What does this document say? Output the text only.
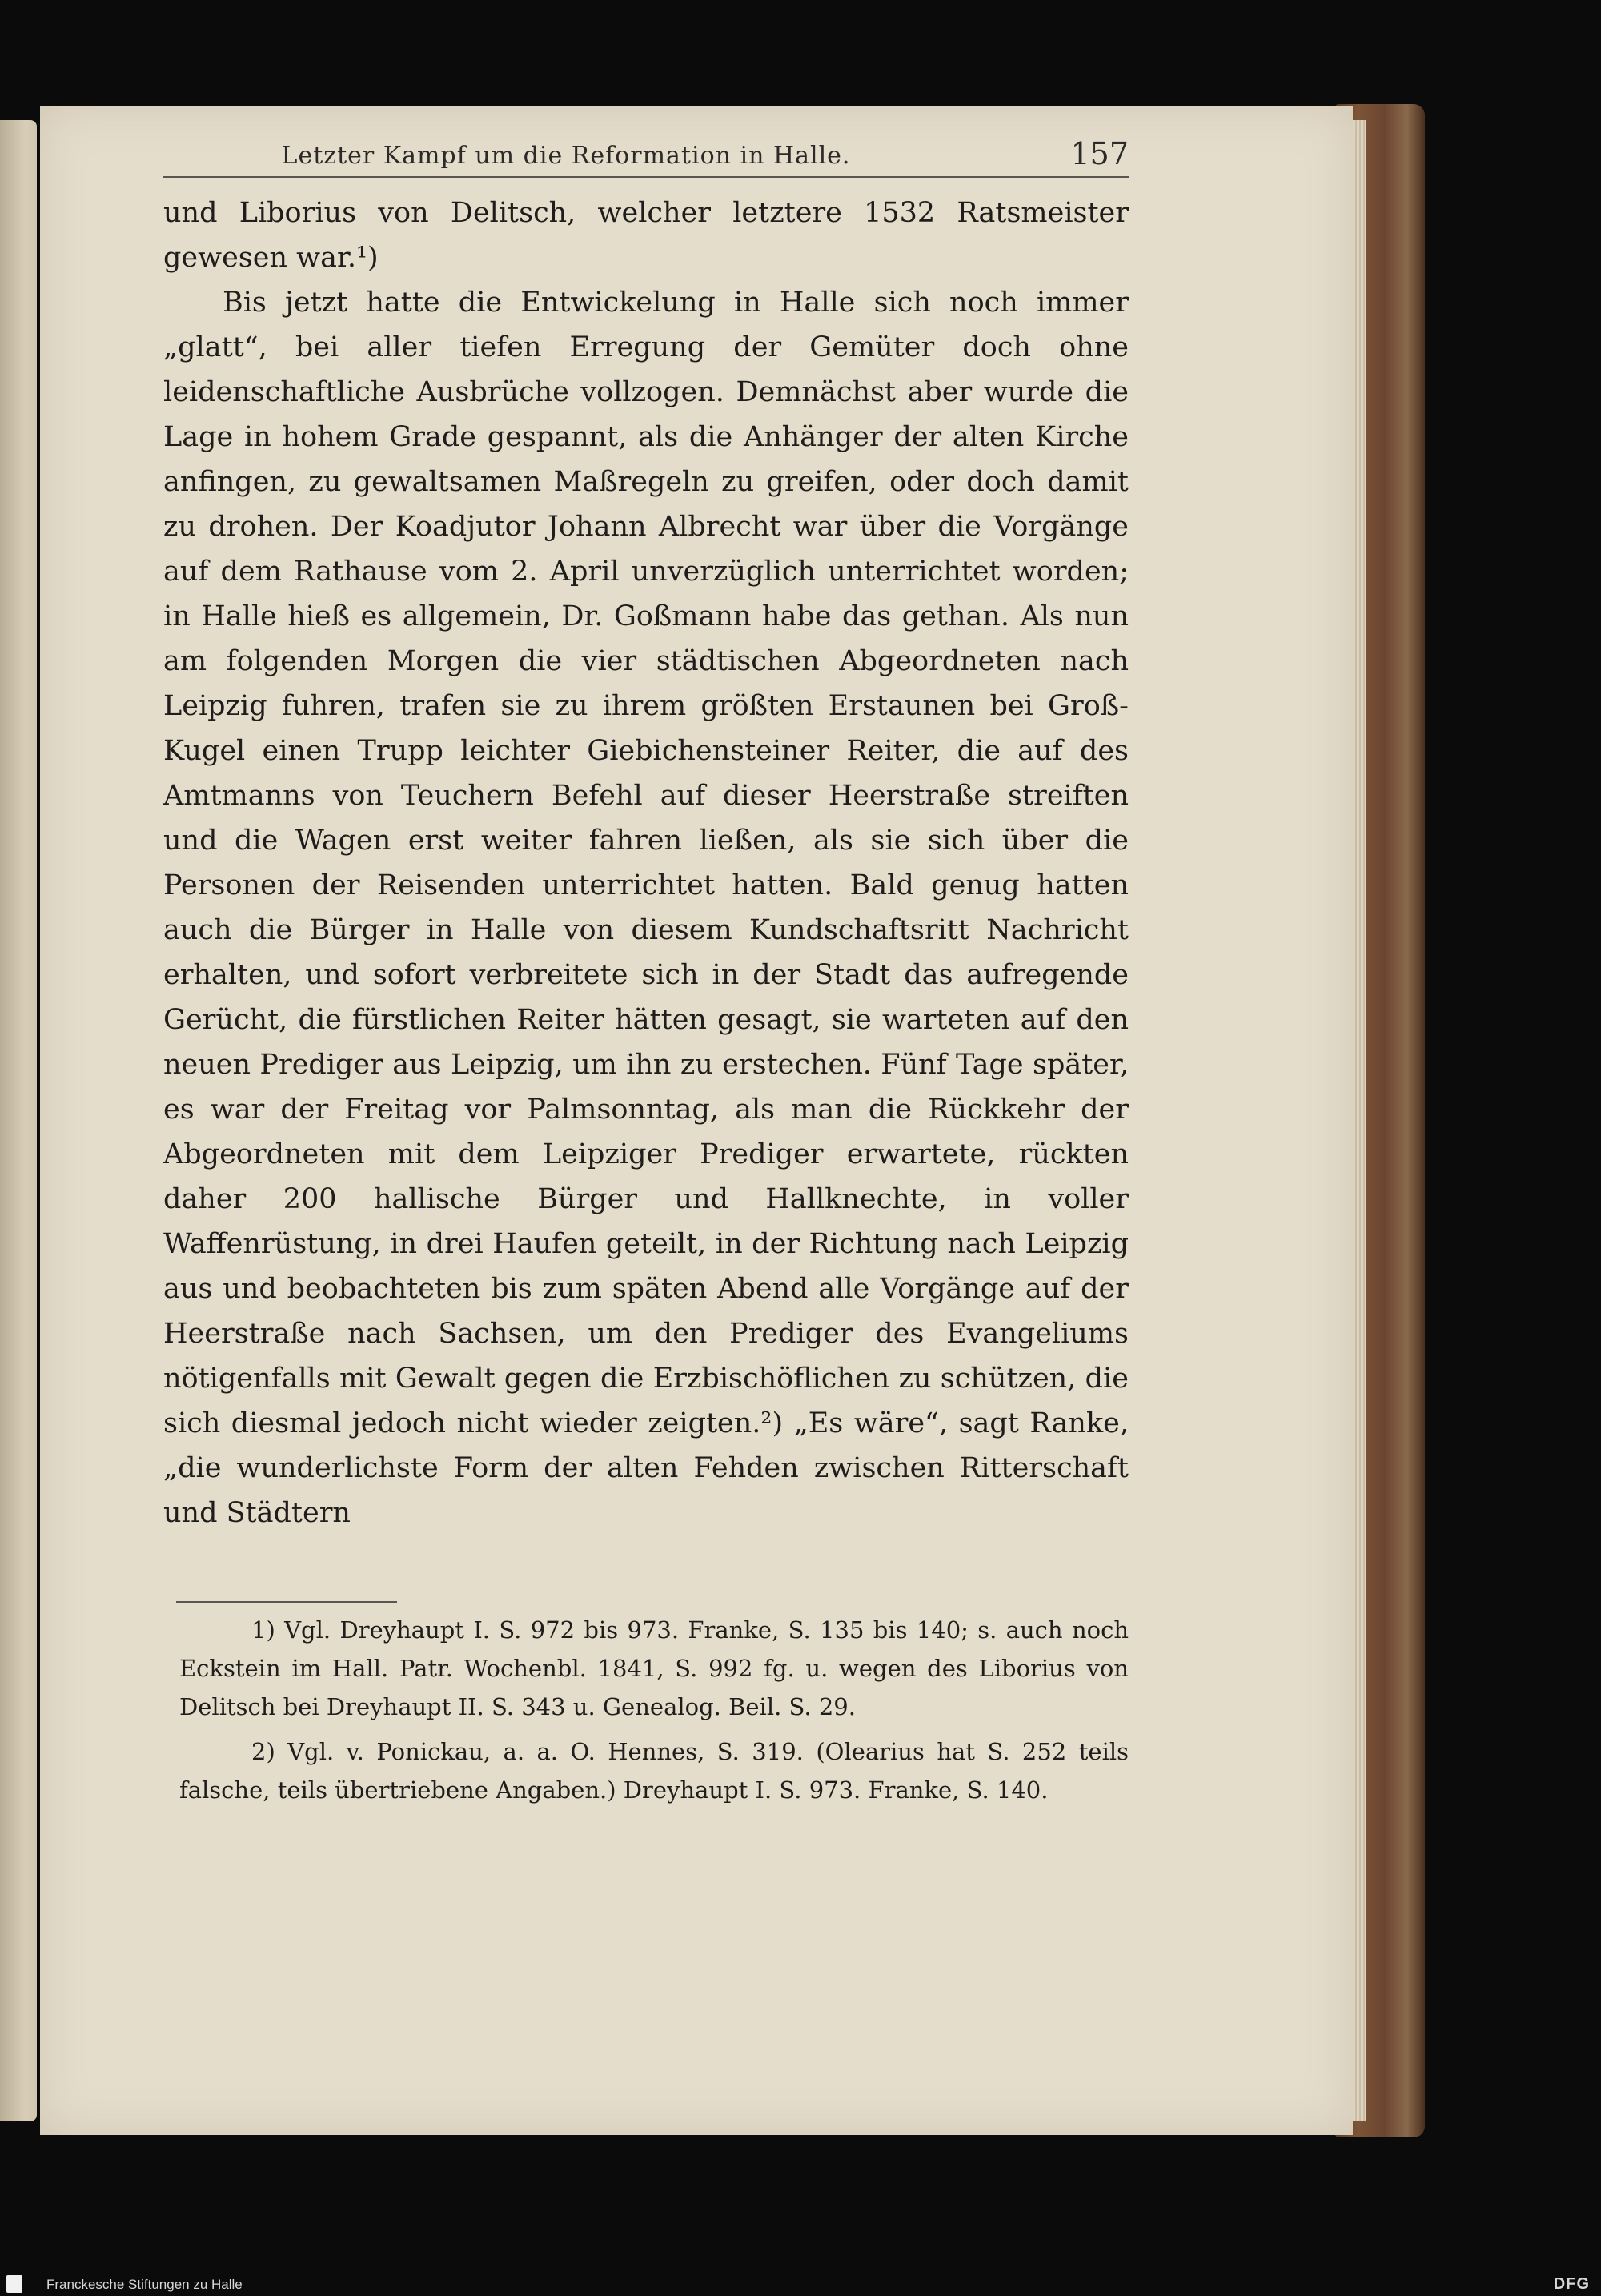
Letzter Kampf um die Reformation in Halle.	157

und Liborius von Delitsch, welcher letztere 1532 Ratsmeister gewesen war.¹)

Bis jetzt hatte die Entwickelung in Halle sich noch immer „glatt“, bei aller tiefen Erregung der Gemüter doch ohne leidenschaftliche Ausbrüche vollzogen. Demnächst aber wurde die Lage in hohem Grade gespannt, als die Anhänger der alten Kirche anfingen, zu gewaltsamen Maßregeln zu greifen, oder doch damit zu drohen. Der Koadjutor Johann Albrecht war über die Vorgänge auf dem Rathause vom 2. April unverzüglich unterrichtet worden; in Halle hieß es allgemein, Dr. Goßmann habe das gethan. Als nun am folgenden Morgen die vier städtischen Abgeordneten nach Leipzig fuhren, trafen sie zu ihrem größten Erstaunen bei Groß-Kugel einen Trupp leichter Giebichensteiner Reiter, die auf des Amtmanns von Teuchern Befehl auf dieser Heerstraße streiften und die Wagen erst weiter fahren ließen, als sie sich über die Personen der Reisenden unterrichtet hatten. Bald genug hatten auch die Bürger in Halle von diesem Kundschaftsritt Nachricht erhalten, und sofort verbreitete sich in der Stadt das aufregende Gerücht, die fürstlichen Reiter hätten gesagt, sie warteten auf den neuen Prediger aus Leipzig, um ihn zu erstechen. Fünf Tage später, es war der Freitag vor Palmsonntag, als man die Rückkehr der Abgeordneten mit dem Leipziger Prediger erwartete, rückten daher 200 hallische Bürger und Hallknechte, in voller Waffenrüstung, in drei Haufen geteilt, in der Richtung nach Leipzig aus und beobachteten bis zum späten Abend alle Vorgänge auf der Heerstraße nach Sachsen, um den Prediger des Evangeliums nötigenfalls mit Gewalt gegen die Erzbischöflichen zu schützen, die sich diesmal jedoch nicht wieder zeigten.²) „Es wäre“, sagt Ranke, „die wunderlichste Form der alten Fehden zwischen Ritterschaft und Städtern

1) Vgl. Dreyhaupt I. S. 972 bis 973. Franke, S. 135 bis 140; s. auch noch Eckstein im Hall. Patr. Wochenbl. 1841, S. 992 fg. u. wegen des Liborius von Delitsch bei Dreyhaupt II. S. 343 u. Genealog. Beil. S. 29.

2) Vgl. v. Ponickau, a. a. O. Hennes, S. 319. (Olearius hat S. 252 teils falsche, teils übertriebene Angaben.) Dreyhaupt I. S. 973. Franke, S. 140.

Franckesche Stiftungen zu Halle	DFG
